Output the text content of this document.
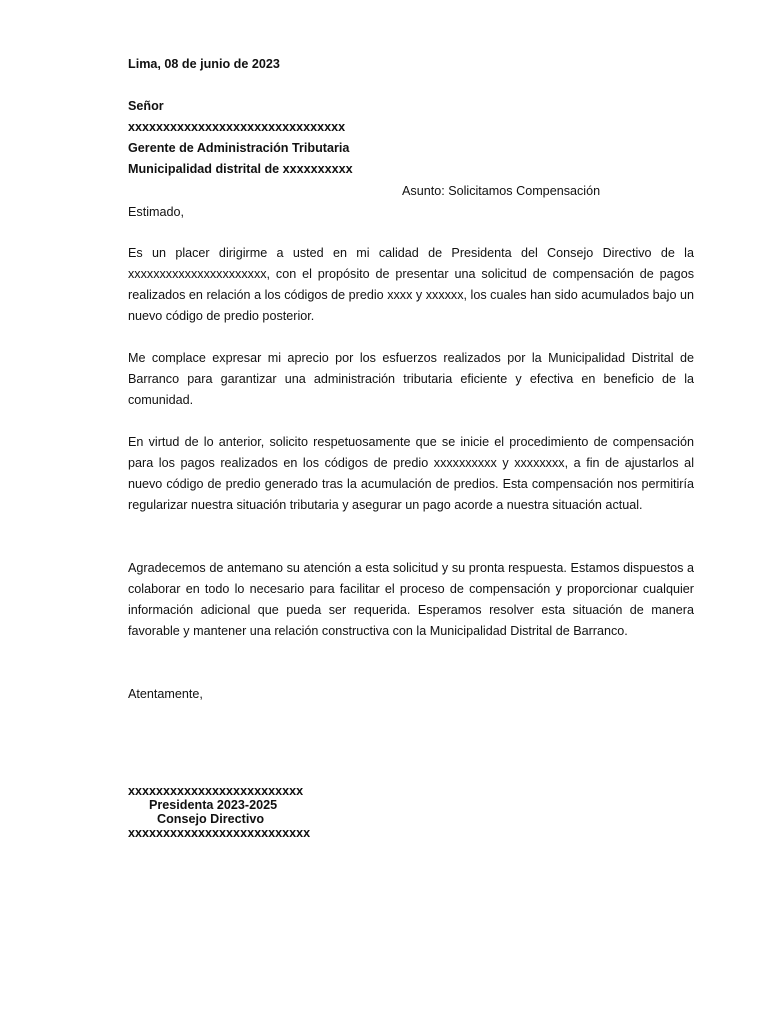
Lima, 08 de junio de 2023
Señor
xxxxxxxxxxxxxxxxxxxxxxxxxxxxxxx
Gerente de Administración Tributaria
Municipalidad distrital de xxxxxxxxxx
Asunto: Solicitamos Compensación
Estimado,

Es un placer dirigirme a usted en mi calidad de Presidenta del Consejo Directivo de la xxxxxxxxxxxxxxxxxxxxxx, con el propósito de presentar una solicitud de compensación de pagos realizados en relación a los códigos de predio xxxx y xxxxxx, los cuales han sido acumulados bajo un nuevo código de predio posterior.

Me complace expresar mi aprecio por los esfuerzos realizados por la Municipalidad Distrital de Barranco para garantizar una administración tributaria eficiente y efectiva en beneficio de la comunidad.

En virtud de lo anterior, solicito respetuosamente que se inicie el procedimiento de compensación para los pagos realizados en los códigos de predio xxxxxxxxxx y xxxxxxxx, a fin de ajustarlos al nuevo código de predio generado tras la acumulación de predios. Esta compensación nos permitiría regularizar nuestra situación tributaria y asegurar un pago acorde a nuestra situación actual.

Agradecemos de antemano su atención a esta solicitud y su pronta respuesta. Estamos dispuestos a colaborar en todo lo necesario para facilitar el proceso de compensación y proporcionar cualquier información adicional que pueda ser requerida. Esperamos resolver esta situación de manera favorable y mantener una relación constructiva con la Municipalidad Distrital de Barranco.

Atentamente,
xxxxxxxxxxxxxxxxxxxxxxxxx
Presidenta 2023-2025
Consejo Directivo
xxxxxxxxxxxxxxxxxxxxxxxxxx
